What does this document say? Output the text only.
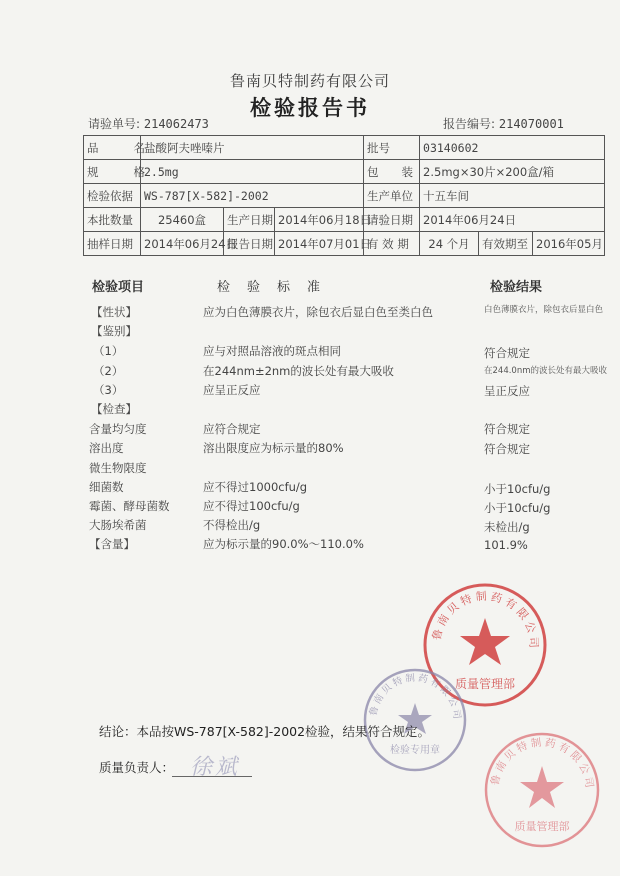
鲁南贝特制药有限公司
检验报告书
请验单号: 214062473	报告编号: 214070001
品　　名	盐酸阿夫唑嗪片			批号	03140602		
规　　格	2.5mg			包　　装	2.5mg×30片×200盒/箱		
检验依据	WS-787[X-582]-2002			生产单位	十五车间		
本批数量	25460盒	生产日期	2014年06月18日	请验日期	2014年06月24日		
抽样日期	2014年06月24日	报告日期	2014年07月01日	有 效 期	24 个月	有效期至	2016年05月
检验项目	检　验　标　准	检验结果
【性状】	应为白色薄膜衣片，除包衣后显白色至类白色	白色薄膜衣片，除包衣后显白色
【鉴别】
（1）	应与对照品溶液的斑点相同	符合规定
（2）	在244nm±2nm的波长处有最大吸收	在244.0nm的波长处有最大吸收
（3）	应呈正反应	呈正反应
【检查】
含量均匀度	应符合规定	符合规定
溶出度	溶出限度应为标示量的80%	符合规定
微生物限度
细菌数	应不得过1000cfu/g	小于10cfu/g
霉菌、酵母菌数	应不得过100cfu/g	小于10cfu/g
大肠埃希菌	不得检出/g	未检出/g
【含量】	应为标示量的90.0%～110.0%	101.9%
鲁南贝特制药有限公司
质量管理部
鲁南贝特制药有限公司
检验专用章
鲁南贝特制药有限公司
质量管理部
结论：本品按WS-787[X-582]-2002检验，结果符合规定。
质量负责人： 徐斌
